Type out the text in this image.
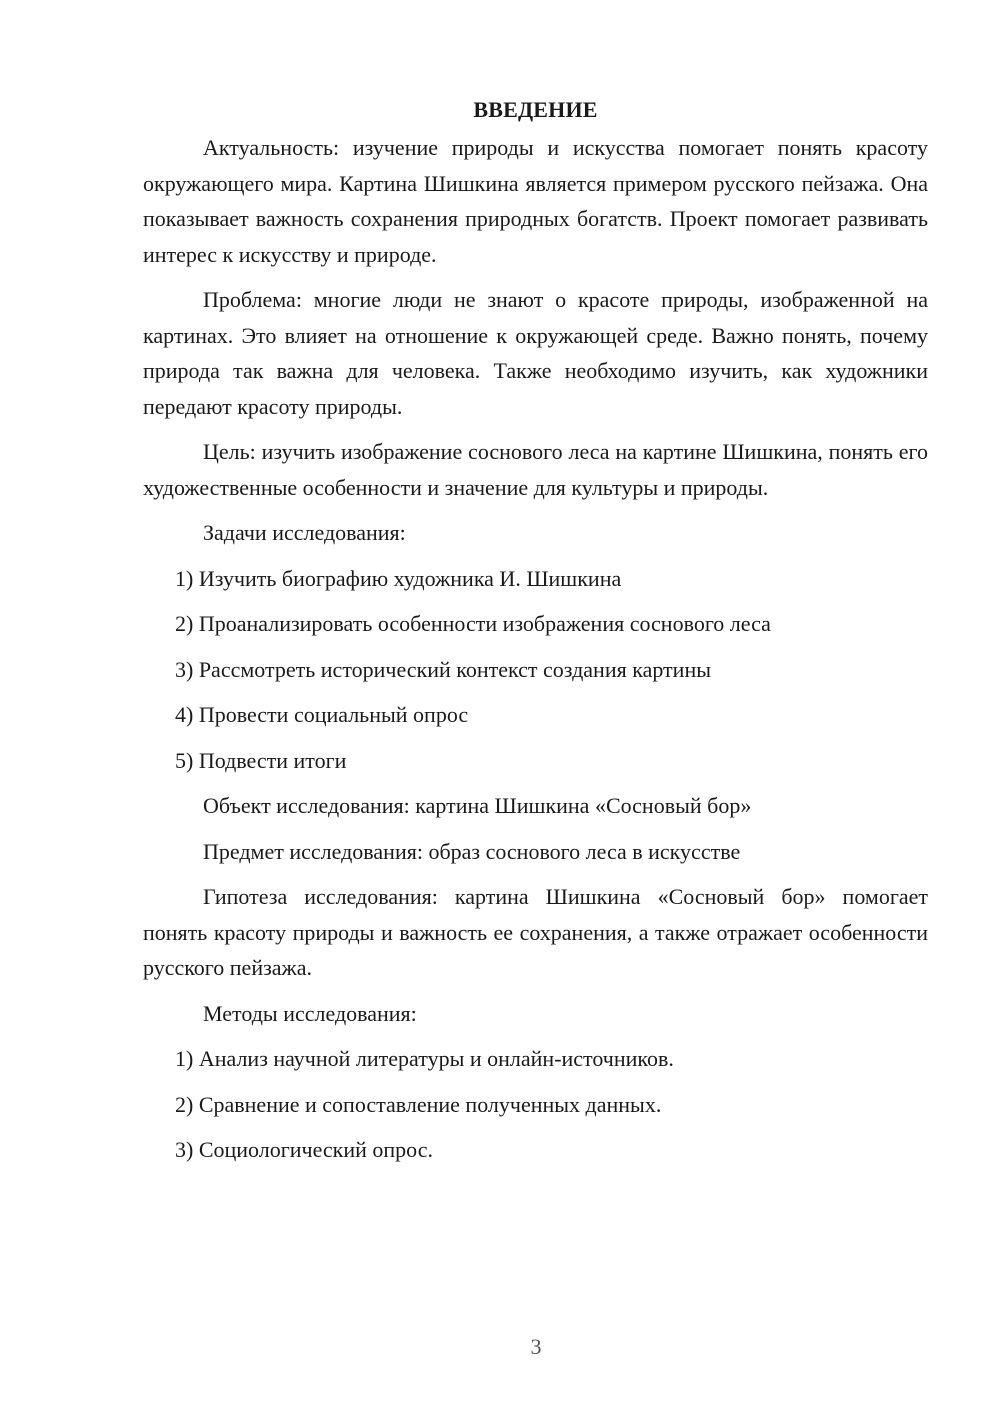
ВВЕДЕНИЕ

Актуальность: изучение природы и искусства помогает понять красоту окружающего мира. Картина Шишкина является примером русского пейзажа. Она показывает важность сохранения природных богатств. Проект помогает развивать интерес к искусству и природе.

Проблема: многие люди не знают о красоте природы, изображенной на картинах. Это влияет на отношение к окружающей среде. Важно понять, почему природа так важна для человека. Также необходимо изучить, как художники передают красоту природы.

Цель: изучить изображение соснового леса на картине Шишкина, понять его художественные особенности и значение для культуры и природы.

Задачи исследования:
1) Изучить биографию художника И. Шишкина
2) Проанализировать особенности изображения соснового леса
3) Рассмотреть исторический контекст создания картины
4) Провести социальный опрос
5) Подвести итоги
Объект исследования: картина Шишкина «Сосновый бор»
Предмет исследования: образ соснового леса в искусстве

Гипотеза исследования: картина Шишкина «Сосновый бор» помогает понять красоту природы и важность ее сохранения, а также отражает особенности русского пейзажа.

Методы исследования:
1) Анализ научной литературы и онлайн-источников.
2) Сравнение и сопоставление полученных данных.
3) Социологический опрос.
3
